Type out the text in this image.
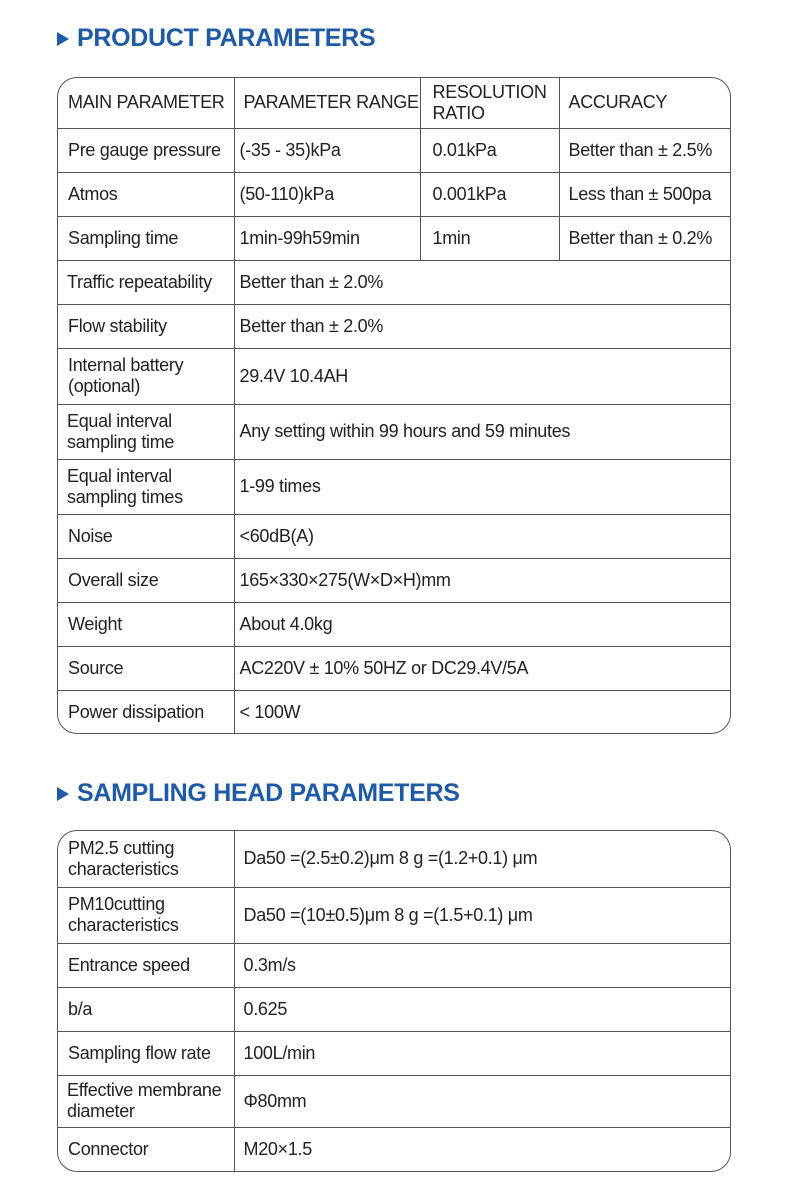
PRODUCT PARAMETERS
MAIN PARAMETER	PARAMETER RANGE	RESOLUTION RATIO	ACCURACY
Pre gauge pressure	(-35 - 35)kPa	0.01kPa	Better than ± 2.5%
Atmos	(50-110)kPa	0.001kPa	Less than ± 500pa
Sampling time	1min-99h59min	1min	Better than ± 0.2%
Traffic repeatability	Better than ± 2.0%		
Flow stability	Better than ± 2.0%		

Internal battery (optional)	29.4V 10.4AH		

Equal interval sampling time	Any setting within 99 hours and 59 minutes		

Equal interval sampling times	1-99 times		
Noise	<60dB(A)		
Overall size	165×330×275(W×D×H)mm		
Weight	About 4.0kg		
Source	AC220V ± 10% 50HZ or DC29.4V/5A		
Power dissipation	< 100W		
SAMPLING HEAD PARAMETERS
PM2.5 cutting characteristics	Da50 =(2.5±0.2)μm 8 g =(1.2+0.1) μm

PM10cutting characteristics	Da50 =(10±0.5)μm 8 g =(1.5+0.1) μm
Entrance speed	0.3m/s
b/a	0.625
Sampling flow rate	100L/min

Effective membrane diameter	Φ80mm
Connector	M20×1.5
